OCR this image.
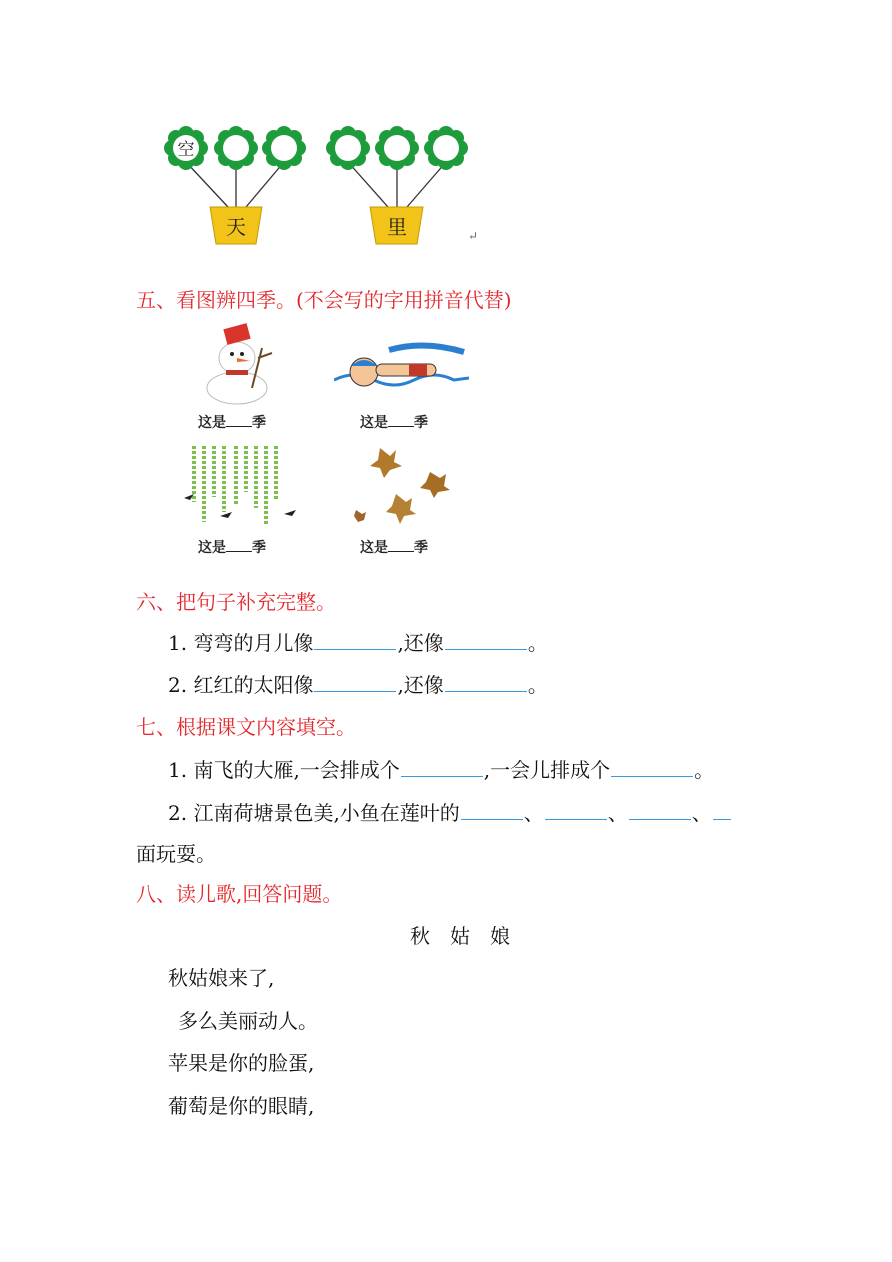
空
天	里	↵
五、看图辨四季。(不会写的字用拼音代替)
这是 季	这是 季
这是 季	这是 季
六、把句子补充完整。
1. 弯弯的月儿像	,还像	。
2. 红红的太阳像	,还像	。
七、根据课文内容填空。
1. 南飞的大雁,一会排成个	,一会儿排成个	。
2. 江南荷塘景色美,小鱼在莲叶的	、	、	、
面玩耍。
八、读儿歌,回答问题。
秋　姑　娘
秋姑娘来了,
多么美丽动人。
苹果是你的脸蛋,
葡萄是你的眼睛,
